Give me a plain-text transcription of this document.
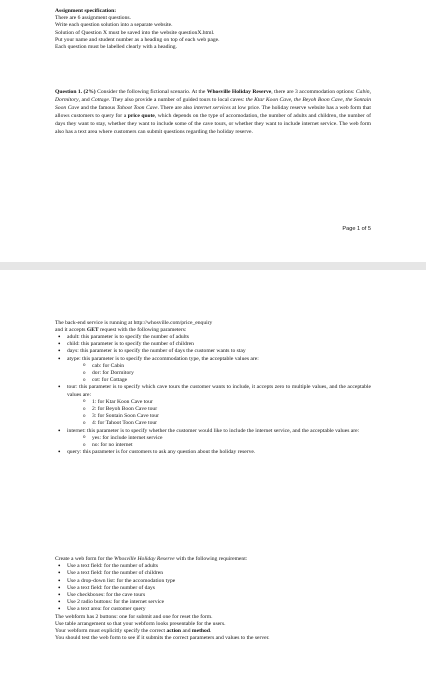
Assignment specification:

There are 6 assignment questions.

Write each question solution into a separate website.

Solution of Question X must be saved into the website questionX.html.

Put your name and student number as a heading on top of each web page.

Each question must be labelled clearly with a heading.

Question 1. (2%) Consider the following fictional scenario. At the Whosville Holiday Reserve, there are 3 accommodation options: Cabin, Dormitory, and Cottage. They also provide a number of guided tours to local caves: the Ktar Koon Cave, the Beyoh Boon Cave, the Sontain Soon Cave and the famous Tahoot Toon Cave. There are also internet services at low price. The holiday reserve website has a web form that allows customers to query for a price quote, which depends on the type of accomodation, the number of adults and children, the number of days they want to stay, whether they want to include some of the cave tours, or whether they want to include internet service. The web form also has a text area where customers can submit questions regarding the holiday reserve.
Page 1 of 5

The back-end service is running at http://whosville.com/price_enquiry

and it accepts GET request with the following parameters:

• adult: this parameter is to specify the number of adults
• child: this parameter is to specify the number of children
• days: this parameter is to specify the number of days the customer wants to stay
• atype: this parameter is to specify the accommodation type, the acceptable values are:
o cab: for Cabin
o dor: for Dormitory
o cot: for Cottage
• tour: this parameter is to specify which cave tours the customer wants to include, it accepts zero to multiple values, and the acceptable values are:
o 1: for Ktar Koon Cave tour
o 2: for Beyoh Boon Cave tour
o 3: for Sontain Soon Cave tour
o 4: for Tahoot Toon Cave tour
• internet: this parameter is to specify whether the customer would like to include the internet service, and the acceptable values are:
o yes: for include internet service
o no: for no internet
• query: this parameter is for customers to ask any question about the holiday reserve.

Create a web form for the Whosville Holiday Reserve with the following requirement:

• Use a text field: for the number of adults
• Use a text field: for the number of children
• Use a drop-down list: for the accomodation type
• Use a text field: for the number of days
• Use checkboxes: for the cave tours
• Use 2 radio buttons: for the internet service
• Use a text area: for customer query

The webform has 2 buttons: one for submit and one for reset the form.

Use table arrangement so that your webform looks presentable for the users.

Your webform must explicitly specify the correct action and method.

You should test the web form to see if it submits the correct parameters and values to the server.
